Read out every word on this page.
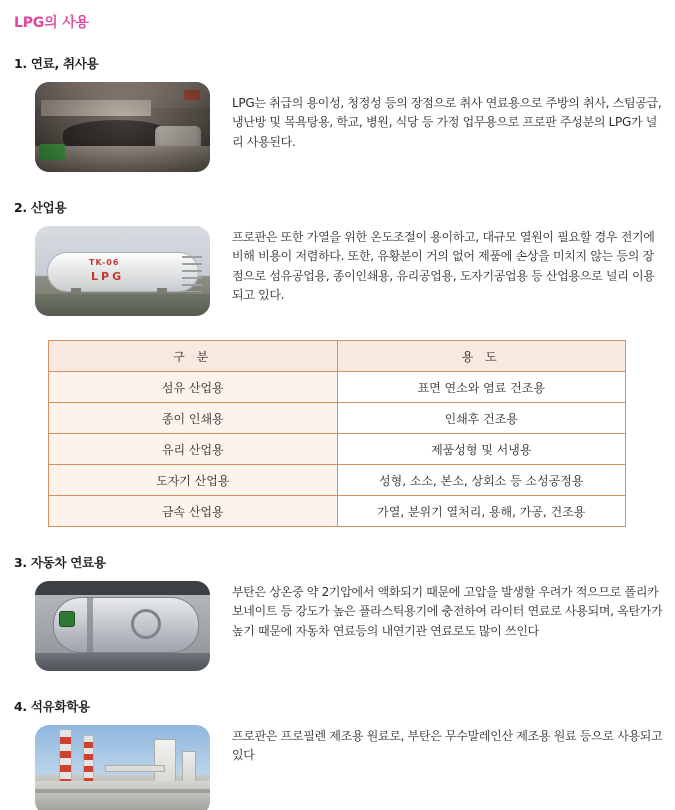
LPG의 사용
1. 연료, 취사용
LPG는 취급의 용이성, 청정성 등의 장점으로 취사 연료용으로 주방의 취사, 스팀공급, 냉난방 및 목욕탕용, 학교, 병원, 식당 등 가정 업무용으로 프로판 주성분의 LPG가 널리 사용된다.
2. 산업용
TK-06
LPG
프로판은 또한 가열을 위한 온도조절이 용이하고, 대규모 열원이 필요할 경우 전기에 비해 비용이 저렴하다. 또한, 유황분이 거의 없어 제품에 손상을 미치지 않는 등의 장점으로 섬유공업용, 종이인쇄용, 유리공업용, 도자기공업용 등 산업용으로 널리 이용되고 있다.
구 분	용 도
섬유 산업용	표면 연소와 염료 건조용
종이 인쇄용	인쇄후 건조용
유리 산업용	제품성형 및 서냉용
도자기 산업용	성형, 소소, 본소, 상회소 등 소성공정용
금속 산업용	가열, 분위기 열처리, 용해, 가공, 건조용
3. 자동차 연료용
부탄은 상온중 약 2기압에서 액화되기 때문에 고압을 발생할 우려가 적으므로 폴리카보네이트 등 강도가 높은 플라스틱용기에 충전하여 라이터 연료로 사용되며, 옥탄가가 높기 때문에 자동차 연료등의 내연기관 연료로도 많이 쓰인다
4. 석유화학용
프로판은 프로필렌 제조용 원료로, 부탄은 무수말레인산 제조용 원료 등으로 사용되고 있다
